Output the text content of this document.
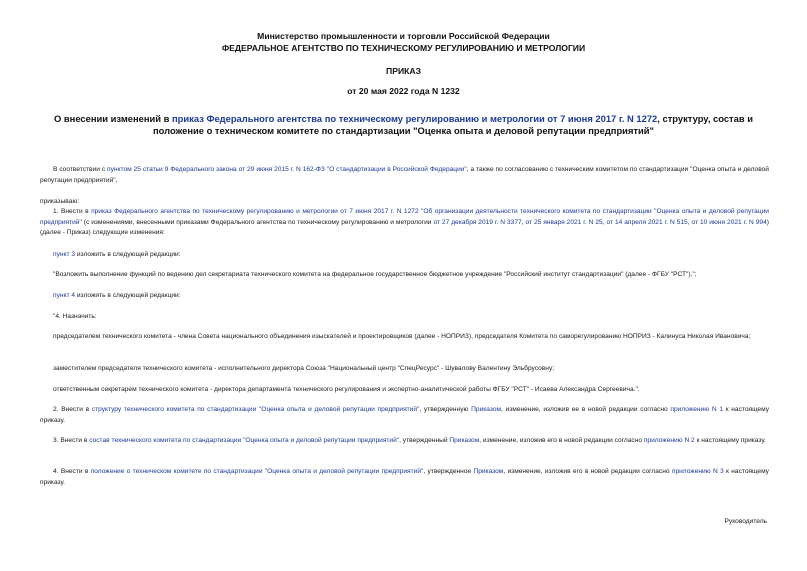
Министерство промышленности и торговли Российской Федерации
ФЕДЕРАЛЬНОЕ АГЕНТСТВО ПО ТЕХНИЧЕСКОМУ РЕГУЛИРОВАНИЮ И МЕТРОЛОГИИ
ПРИКАЗ
от 20 мая 2022 года N 1232
О внесении изменений в приказ Федерального агентства по техническому регулированию и метрологии от 7 июня 2017 г. N 1272, структуру, состав и положение о техническом комитете по стандартизации "Оценка опыта и деловой репутации предприятий"
В соответствии с пунктом 25 статьи 9 Федерального закона от 29 июня 2015 г. N 162-ФЗ "О стандартизации в Российской Федерации", а также по согласованию с техническим комитетом по стандартизации "Оценка опыта и деловой репутации предприятий",
приказываю:
1. Внести в приказ Федерального агентства по техническому регулированию и метрологии от 7 июня 2017 г. N 1272 "Об организации деятельности технического комитета по стандартизации "Оценка опыта и деловой репутации предприятий" (с изменениями, внесенными приказами Федерального агентства по техническому регулированию и метрологии от 27 декабря 2019 г. N 3377, от 25 января 2021 г. N 25, от 14 апреля 2021 г. N 515, от 10 июня 2021 г. N 994) (далее - Приказ) следующие изменения:
пункт 3 изложить в следующей редакции:
"Возложить выполнение функций по ведению дел секретариата технического комитета на федеральное государственное бюджетное учреждение "Российский институт стандартизации" (далее - ФГБУ "РСТ").";
пункт 4 изложить в следующей редакции:
"4. Назначить:
председателем технического комитета - члена Совета национального объединения изыскателей и проектировщиков (далее - НОПРИЗ), председателя Комитета по саморегулированию НОПРИЗ - Калинуса Николая Ивановича;
заместителем председателя технического комитета - исполнительного директора Союза "Национальный центр "СпецРесурс" - Шувалову Валентину Эльбрусовну;
ответственным секретарем технического комитета - директора департамента технического регулирования и экспертно-аналитической работы ФГБУ "РСТ" - Исаева Александра Сергеевича.".
2. Внести в структуру технического комитета по стандартизации "Оценка опыта и деловой репутации предприятий", утвержденную Приказом, изменение, изложив ее в новой редакции согласно приложению N 1 к настоящему приказу.
3. Внести в состав технического комитета по стандартизации "Оценка опыта и деловой репутации предприятий", утвержденный Приказом, изменение, изложив его в новой редакции согласно приложению N 2 к настоящему приказу.
4. Внести в положение о техническом комитете по стандартизации "Оценка опыта и деловой репутации предприятий", утвержденное Приказом, изменение, изложив его в новой редакции согласно приложению N 3 к настоящему приказу.
Руководитель
